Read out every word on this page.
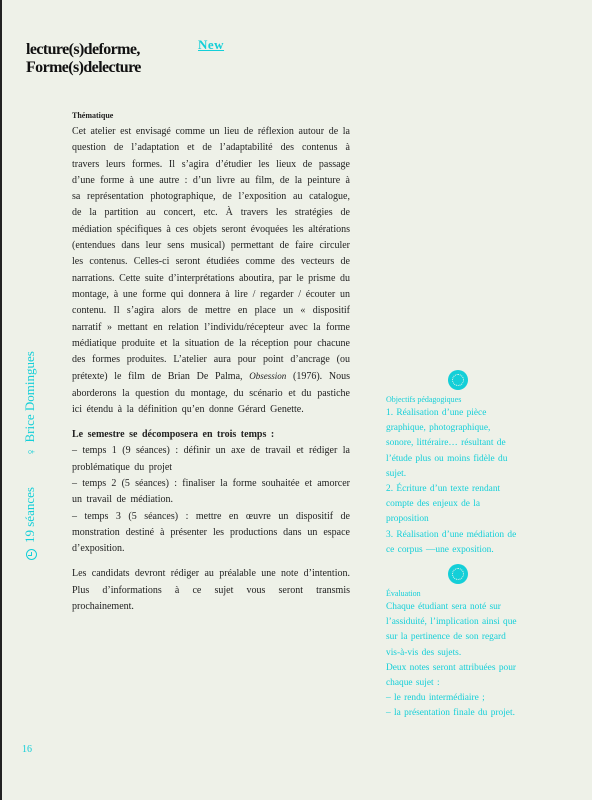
lecture(s)deforme,
Forme(s)delecture
New
19 séances  ♀Brice Domingues
16
Thématique

Cet atelier est envisagé comme un lieu de réflexion autour de la question de l’adaptation et de l’adaptabilité des contenus à travers leurs formes. Il s’agira d’étudier les lieux de passage d’une forme à une autre : d’un livre au film, de la peinture à sa représentation photographique, de l’exposition au catalogue, de la partition au concert, etc. À travers les stratégies de médiation spécifiques à ces objets seront évoquées les altérations (entendues dans leur sens musical) permettant de faire circuler les contenus. Celles-ci seront étudiées comme des vecteurs de narrations. Cette suite d’interprétations aboutira, par le prisme du montage, à une forme qui donnera à lire / regarder / écouter un contenu. Il s’agira alors de mettre en place un « dispositif narratif » mettant en relation l’individu/récepteur avec la forme médiatique produite et la situation de la réception pour chacune des formes produites. L’atelier aura pour point d’ancrage (ou prétexte) le film de Brian De Palma, Obsession (1976). Nous aborderons la question du montage, du scénario et du pastiche ici étendu à la définition qu’en donne Gérard Genette.

Le semestre se décomposera en trois temps :

– temps 1 (9 séances) : définir un axe de travail et rédiger la problématique du projet

– temps 2 (5 séances) : finaliser la forme souhaitée et amorcer un travail de médiation.

– temps 3 (5 séances) : mettre en œuvre un dispositif de monstration destiné à présenter les productions dans un espace d’exposition.

Les candidats devront rédiger au préalable une note d’intention. Plus d’informations à ce sujet vous seront transmis prochainement.

Objectifs pédagogiques

1. Réalisation d’une pièce graphique, photographique, sonore, littéraire… résultant de l’étude plus ou moins fidèle du sujet.

2. Écriture d’un texte rendant compte des enjeux de la proposition

3. Réalisation d’une médiation de ce corpus —une exposition.

Évaluation

Chaque étudiant sera noté sur l’assiduité, l’implication ainsi que sur la pertinence de son regard vis-à-vis des sujets.

Deux notes seront attribuées pour chaque sujet :

– le rendu intermédiaire ;

– la présentation finale du projet.
